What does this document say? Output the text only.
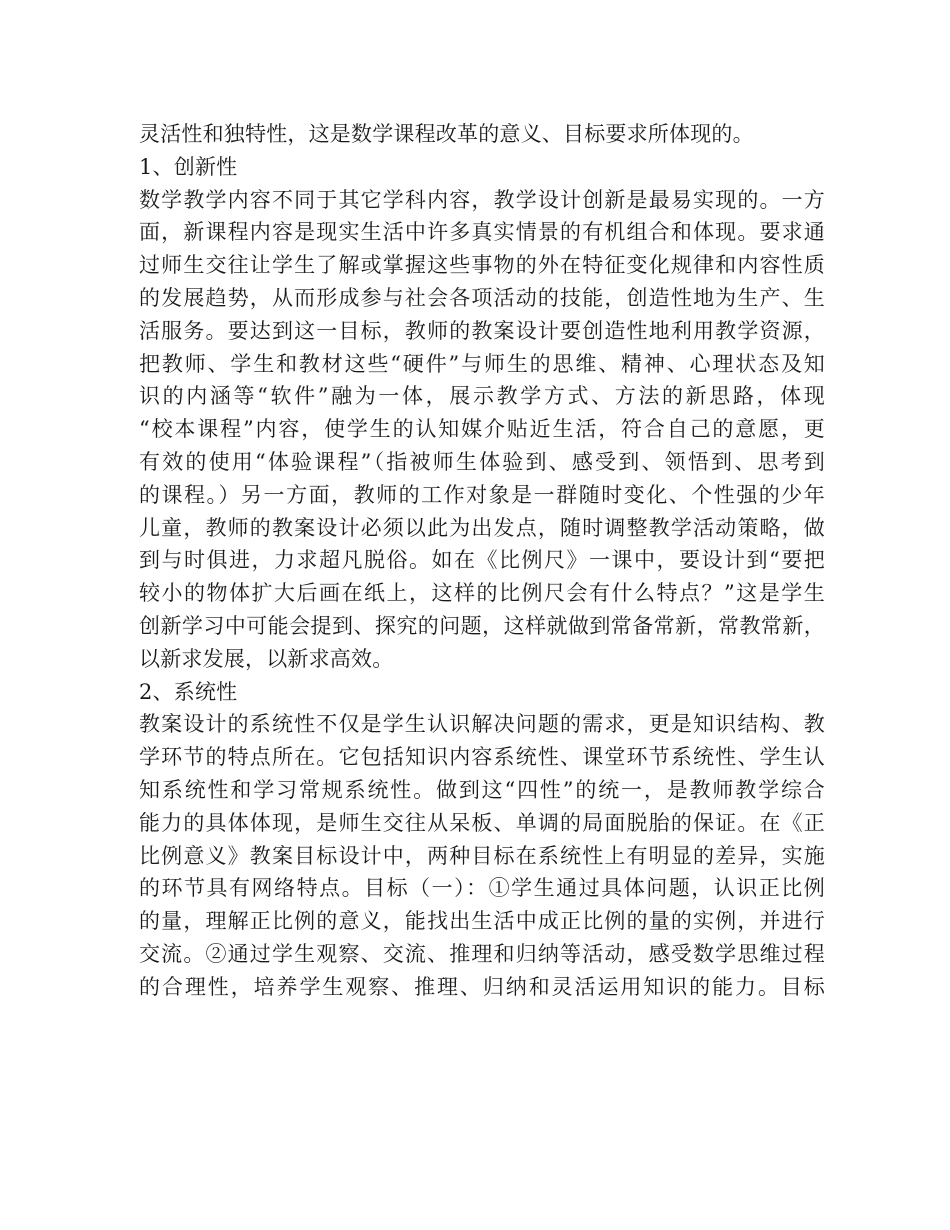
灵活性和独特性，这是数学课程改革的意义、目标要求所体现的。
1、创新性
数学教学内容不同于其它学科内容，教学设计创新是最易实现的。一方
面，新课程内容是现实生活中许多真实情景的有机组合和体现。要求通
过师生交往让学生了解或掌握这些事物的外在特征变化规律和内容性质
的发展趋势，从而形成参与社会各项活动的技能，创造性地为生产、生
活服务。要达到这一目标，教师的教案设计要创造性地利用教学资源，
把教师、学生和教材这些“硬件”与师生的思维、精神、心理状态及知
识的内涵等“软件”融为一体，展示教学方式、方法的新思路，体现
“校本课程”内容，使学生的认知媒介贴近生活，符合自己的意愿，更
有效的使用“体验课程”（指被师生体验到、感受到、领悟到、思考到
的课程。）另一方面，教师的工作对象是一群随时变化、个性强的少年
儿童，教师的教案设计必须以此为出发点，随时调整教学活动策略，做
到与时俱进，力求超凡脱俗。如在《比例尺》一课中，要设计到“要把
较小的物体扩大后画在纸上，这样的比例尺会有什么特点？”这是学生
创新学习中可能会提到、探究的问题，这样就做到常备常新，常教常新，
以新求发展，以新求高效。
2、系统性
教案设计的系统性不仅是学生认识解决问题的需求，更是知识结构、教
学环节的特点所在。它包括知识内容系统性、课堂环节系统性、学生认
知系统性和学习常规系统性。做到这“四性”的统一，是教师教学综合
能力的具体体现，是师生交往从呆板、单调的局面脱胎的保证。在《正
比例意义》教案目标设计中，两种目标在系统性上有明显的差异，实施
的环节具有网络特点。目标（一）：①学生通过具体问题，认识正比例
的量，理解正比例的意义，能找出生活中成正比例的量的实例，并进行
交流。②通过学生观察、交流、推理和归纳等活动，感受数学思维过程
的合理性，培养学生观察、推理、归纳和灵活运用知识的能力。目标
